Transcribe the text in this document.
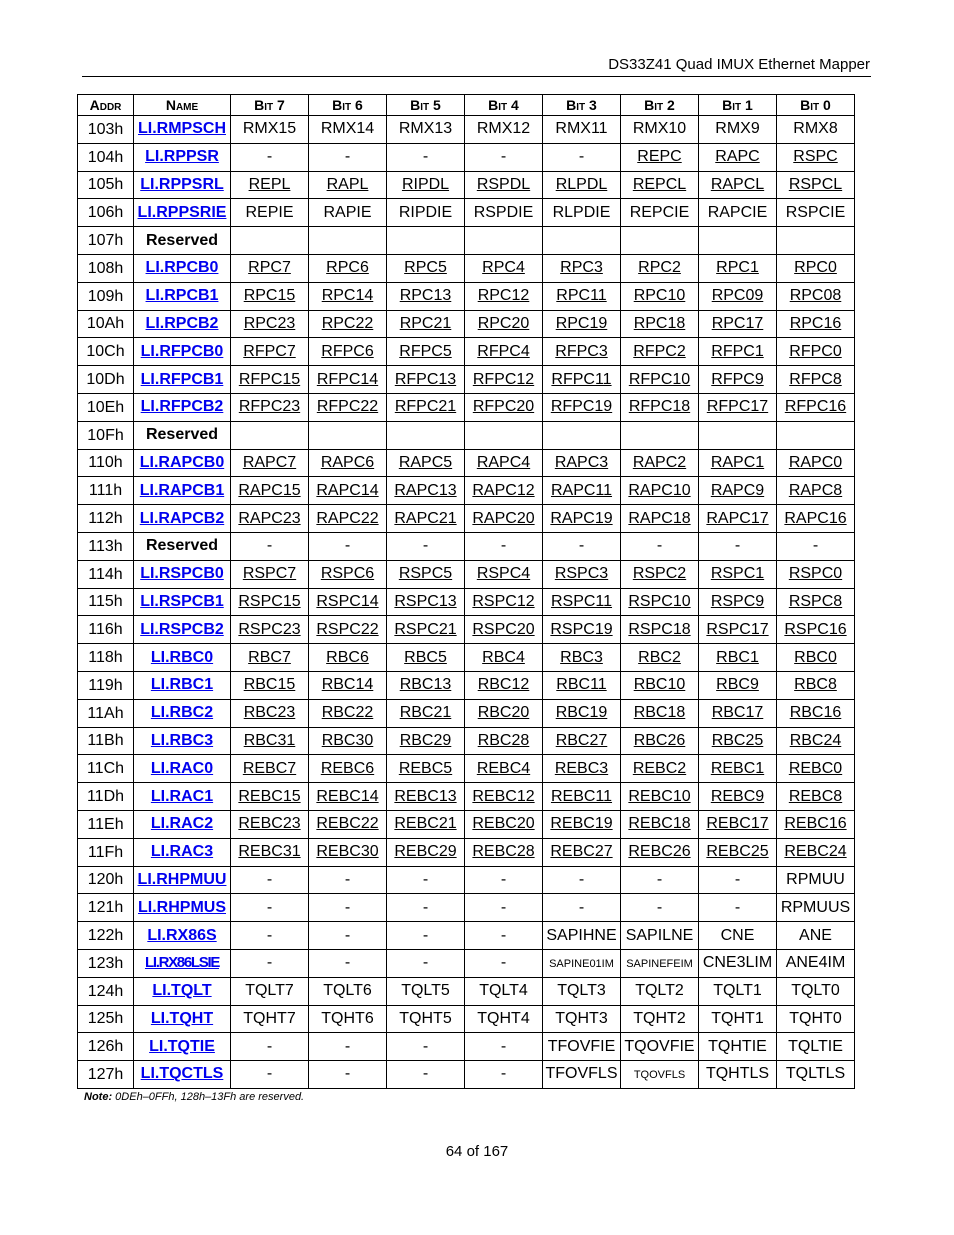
DS33Z41 Quad IMUX Ethernet Mapper
Addr	Name	Bit 7	Bit 6	Bit 5	Bit 4	Bit 3	Bit 2	Bit 1	Bit 0
103h	LI.RMPSCH	RMX15	RMX14	RMX13	RMX12	RMX11	RMX10	RMX9	RMX8
104h	LI.RPPSR	-	-	-	-	-	REPC	RAPC	RSPC
105h	LI.RPPSRL	REPL	RAPL	RIPDL	RSPDL	RLPDL	REPCL	RAPCL	RSPCL
106h	LI.RPPSRIE	REPIE	RAPIE	RIPDIE	RSPDIE	RLPDIE	REPCIE	RAPCIE	RSPCIE
107h	Reserved								
108h	LI.RPCB0	RPC7	RPC6	RPC5	RPC4	RPC3	RPC2	RPC1	RPC0
109h	LI.RPCB1	RPC15	RPC14	RPC13	RPC12	RPC11	RPC10	RPC09	RPC08
10Ah	LI.RPCB2	RPC23	RPC22	RPC21	RPC20	RPC19	RPC18	RPC17	RPC16
10Ch	LI.RFPCB0	RFPC7	RFPC6	RFPC5	RFPC4	RFPC3	RFPC2	RFPC1	RFPC0
10Dh	LI.RFPCB1	RFPC15	RFPC14	RFPC13	RFPC12	RFPC11	RFPC10	RFPC9	RFPC8
10Eh	LI.RFPCB2	RFPC23	RFPC22	RFPC21	RFPC20	RFPC19	RFPC18	RFPC17	RFPC16
10Fh	Reserved								
110h	LI.RAPCB0	RAPC7	RAPC6	RAPC5	RAPC4	RAPC3	RAPC2	RAPC1	RAPC0
111h	LI.RAPCB1	RAPC15	RAPC14	RAPC13	RAPC12	RAPC11	RAPC10	RAPC9	RAPC8
112h	LI.RAPCB2	RAPC23	RAPC22	RAPC21	RAPC20	RAPC19	RAPC18	RAPC17	RAPC16
113h	Reserved	-	-	-	-	-	-	-	-
114h	LI.RSPCB0	RSPC7	RSPC6	RSPC5	RSPC4	RSPC3	RSPC2	RSPC1	RSPC0
115h	LI.RSPCB1	RSPC15	RSPC14	RSPC13	RSPC12	RSPC11	RSPC10	RSPC9	RSPC8
116h	LI.RSPCB2	RSPC23	RSPC22	RSPC21	RSPC20	RSPC19	RSPC18	RSPC17	RSPC16
118h	LI.RBC0	RBC7	RBC6	RBC5	RBC4	RBC3	RBC2	RBC1	RBC0
119h	LI.RBC1	RBC15	RBC14	RBC13	RBC12	RBC11	RBC10	RBC9	RBC8
11Ah	LI.RBC2	RBC23	RBC22	RBC21	RBC20	RBC19	RBC18	RBC17	RBC16
11Bh	LI.RBC3	RBC31	RBC30	RBC29	RBC28	RBC27	RBC26	RBC25	RBC24
11Ch	LI.RAC0	REBC7	REBC6	REBC5	REBC4	REBC3	REBC2	REBC1	REBC0
11Dh	LI.RAC1	REBC15	REBC14	REBC13	REBC12	REBC11	REBC10	REBC9	REBC8
11Eh	LI.RAC2	REBC23	REBC22	REBC21	REBC20	REBC19	REBC18	REBC17	REBC16
11Fh	LI.RAC3	REBC31	REBC30	REBC29	REBC28	REBC27	REBC26	REBC25	REBC24
120h	LI.RHPMUU	-	-	-	-	-	-	-	RPMUU
121h	LI.RHPMUS	-	-	-	-	-	-	-	RPMUUS
122h	LI.RX86S	-	-	-	-	SAPIHNE	SAPILNE	CNE	ANE
123h	LI.RX86LSIE	-	-	-	-	SAPINE01IM	SAPINEFEIM	CNE3LIM	ANE4IM
124h	LI.TQLT	TQLT7	TQLT6	TQLT5	TQLT4	TQLT3	TQLT2	TQLT1	TQLT0
125h	LI.TQHT	TQHT7	TQHT6	TQHT5	TQHT4	TQHT3	TQHT2	TQHT1	TQHT0
126h	LI.TQTIE	-	-	-	-	TFOVFIE	TQOVFIE	TQHTIE	TQLTIE
127h	LI.TQCTLS	-	-	-	-	TFOVFLS	TQOVFLS	TQHTLS	TQLTLS
Note: 0DEh–0FFh, 128h–13Fh are reserved.
64 of 167
